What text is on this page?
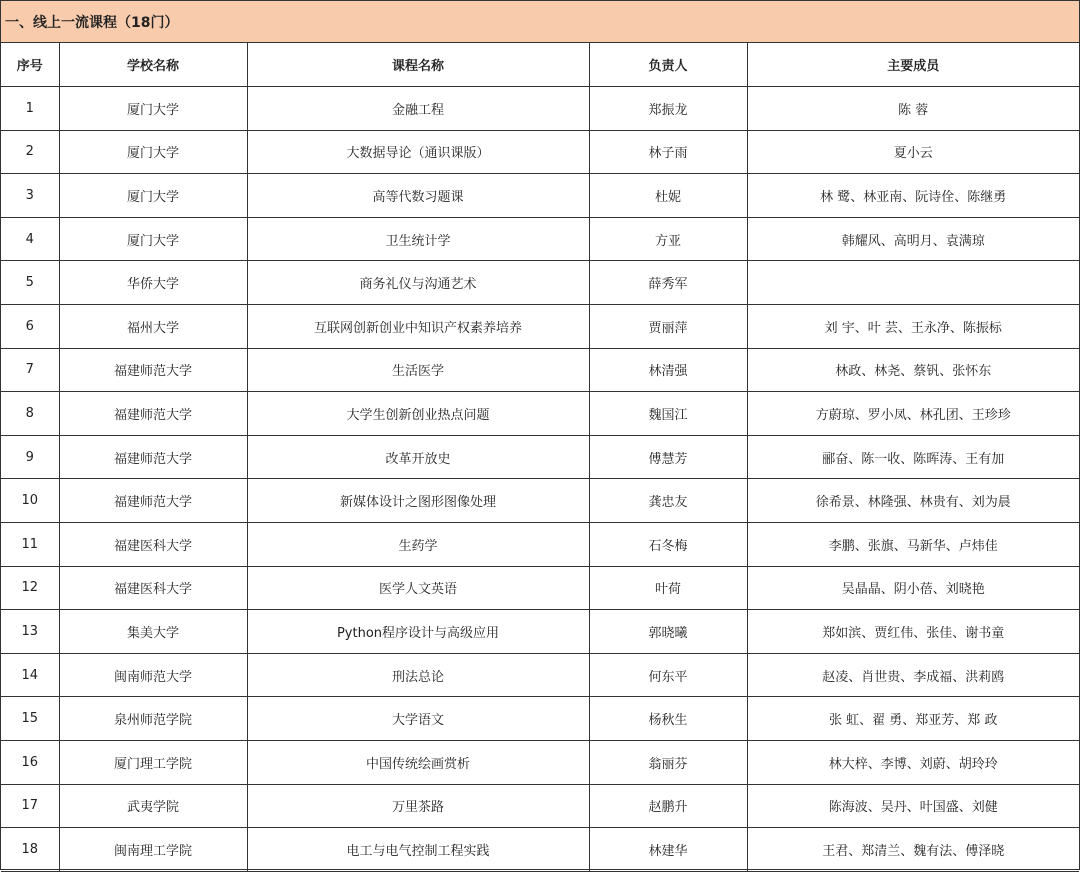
一、线上一流课程（18门）
序号	学校名称	课程名称	负责人	主要成员
1	厦门大学	金融工程	郑振龙	陈 蓉
2	厦门大学	大数据导论（通识课版）	林子雨	夏小云
3	厦门大学	高等代数习题课	杜妮	林 鹭、林亚南、阮诗佺、陈继勇
4	厦门大学	卫生统计学	方亚	韩耀风、高明月、袁满琼
5	华侨大学	商务礼仪与沟通艺术	薛秀军	
6	福州大学	互联网创新创业中知识产权素养培养	贾丽萍	刘 宇、叶 芸、王永净、陈振标
7	福建师范大学	生活医学	林清强	林政、林尧、蔡钒、张怀东
8	福建师范大学	大学生创新创业热点问题	魏国江	方蔚琼、罗小凤、林孔团、王珍珍
9	福建师范大学	改革开放史	傅慧芳	郦奋、陈一收、陈晖涛、王有加
10	福建师范大学	新媒体设计之图形图像处理	龚忠友	徐希景、林隆强、林贵有、刘为晨
11	福建医科大学	生药学	石冬梅	李鹏、张旗、马新华、卢炜佳
12	福建医科大学	医学人文英语	叶荷	吴晶晶、阴小蓓、刘晓艳
13	集美大学	Python程序设计与高级应用	郭晓曦	郑如滨、贾红伟、张佳、谢书童
14	闽南师范大学	刑法总论	何东平	赵凌、肖世贵、李成福、洪莉鸥
15	泉州师范学院	大学语文	杨秋生	张 虹、翟 勇、郑亚芳、郑 政
16	厦门理工学院	中国传统绘画赏析	翁丽芬	林大梓、李博、刘蔚、胡玲玲
17	武夷学院	万里茶路	赵鹏升	陈海波、吴丹、叶国盛、刘健
18	闽南理工学院	电工与电气控制工程实践	林建华	王君、郑清兰、魏有法、傅泽晓
